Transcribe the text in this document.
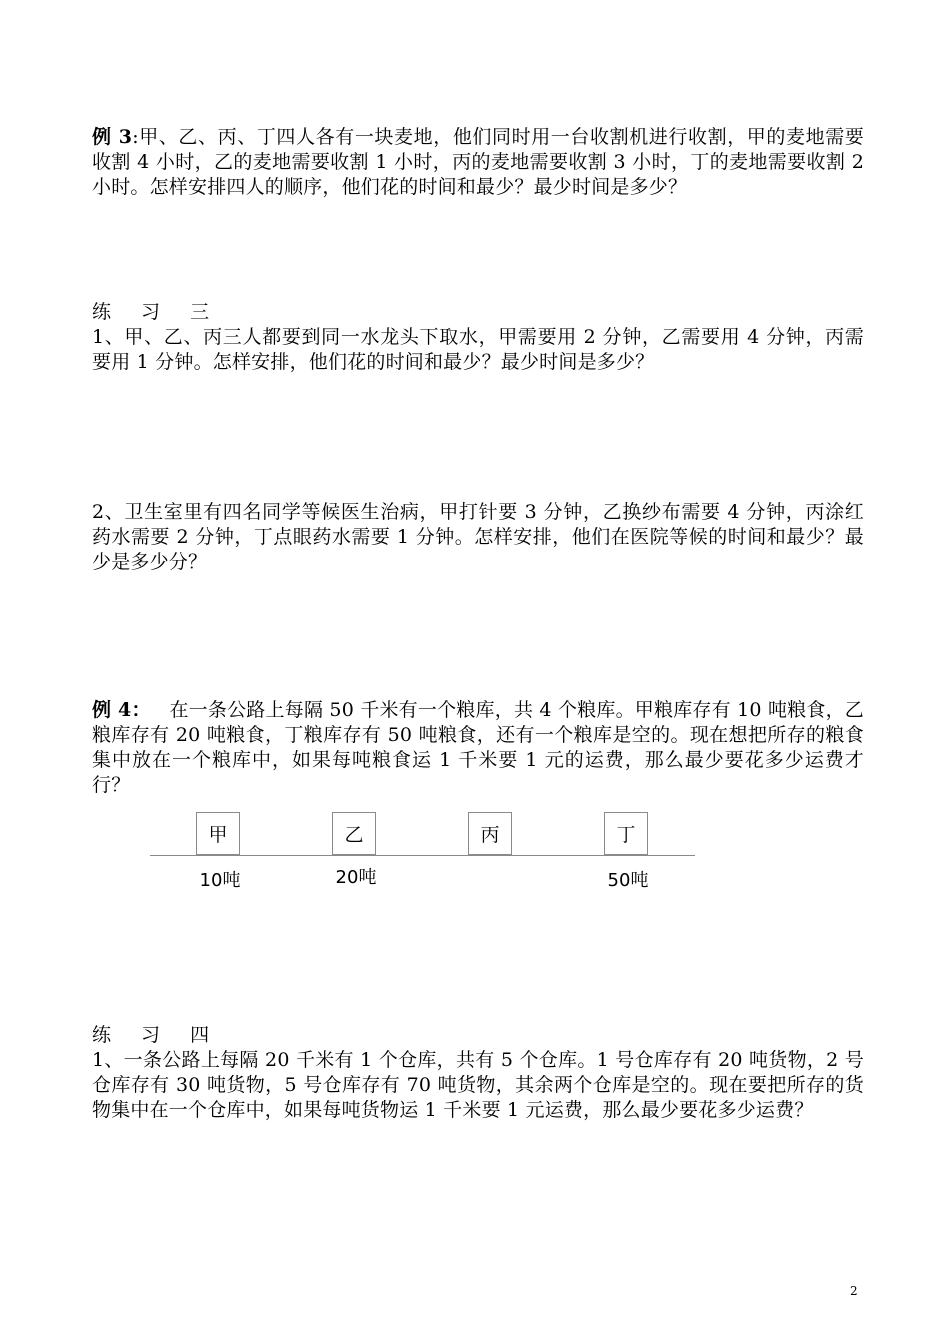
例 3:甲、乙、丙、丁四人各有一块麦地，他们同时用一台收割机进行收割，甲的麦地需要收割 4 小时，乙的麦地需要收割 1 小时，丙的麦地需要收割 3 小时，丁的麦地需要收割 2 小时。怎样安排四人的顺序，他们花的时间和最少？最少时间是多少？
练 习 三
1、甲、乙、丙三人都要到同一水龙头下取水，甲需要用 2 分钟，乙需要用 4 分钟，丙需要用 1 分钟。怎样安排，他们花的时间和最少？最少时间是多少？
2、卫生室里有四名同学等候医生治病，甲打针要 3 分钟，乙换纱布需要 4 分钟，丙涂红药水需要 2 分钟，丁点眼药水需要 1 分钟。怎样安排，他们在医院等候的时间和最少？最少是多少分？
例 4： 在一条公路上每隔 50 千米有一个粮库，共 4 个粮库。甲粮库存有 10 吨粮食，乙粮库存有 20 吨粮食，丁粮库存有 50 吨粮食，还有一个粮库是空的。现在想把所存的粮食集中放在一个粮库中，如果每吨粮食运 1 千米要 1 元的运费，那么最少要花多少运费才行？
甲	乙	丙	丁
10吨	20吨	50吨
练 习 四
1、一条公路上每隔 20 千米有 1 个仓库，共有 5 个仓库。1 号仓库存有 20 吨货物，2 号仓库存有 30 吨货物，5 号仓库存有 70 吨货物，其余两个仓库是空的。现在要把所存的货物集中在一个仓库中，如果每吨货物运 1 千米要 1 元运费，那么最少要花多少运费？
2
